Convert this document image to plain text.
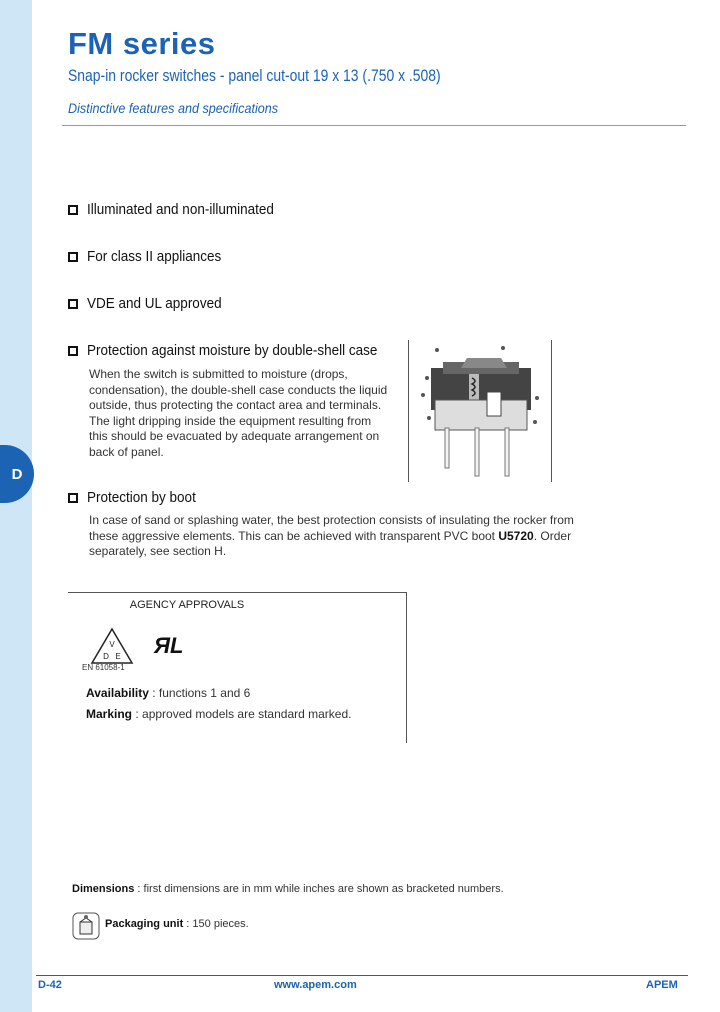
D
FM series
Snap-in rocker switches - panel cut-out 19 x 13 (.750 x .508)
Distinctive features and specifications
Illuminated and non-illuminated
For class II appliances
VDE and UL approved
Protection against moisture by double-shell case
When the switch is submitted to moisture (drops,
condensation), the double-shell case conducts the liquid
outside, thus protecting the contact area and terminals.
The light dripping inside the equipment resulting from
this should be evacuated by adequate arrangement on
back of panel.
Protection by boot
In case of sand or splashing water, the best protection consists of insulating the rocker from
these aggressive elements. This can be achieved with transparent PVC boot U5720. Order
separately, see section H.
AGENCY APPROVALS
V
D E
EN 61058-1
ЯL
Availability : functions 1 and 6
Marking : approved models are standard marked.
Dimensions : first dimensions are in mm while inches are shown as bracketed numbers.
Packaging unit : 150 pieces.
D-42	www.apem.com	APEM
